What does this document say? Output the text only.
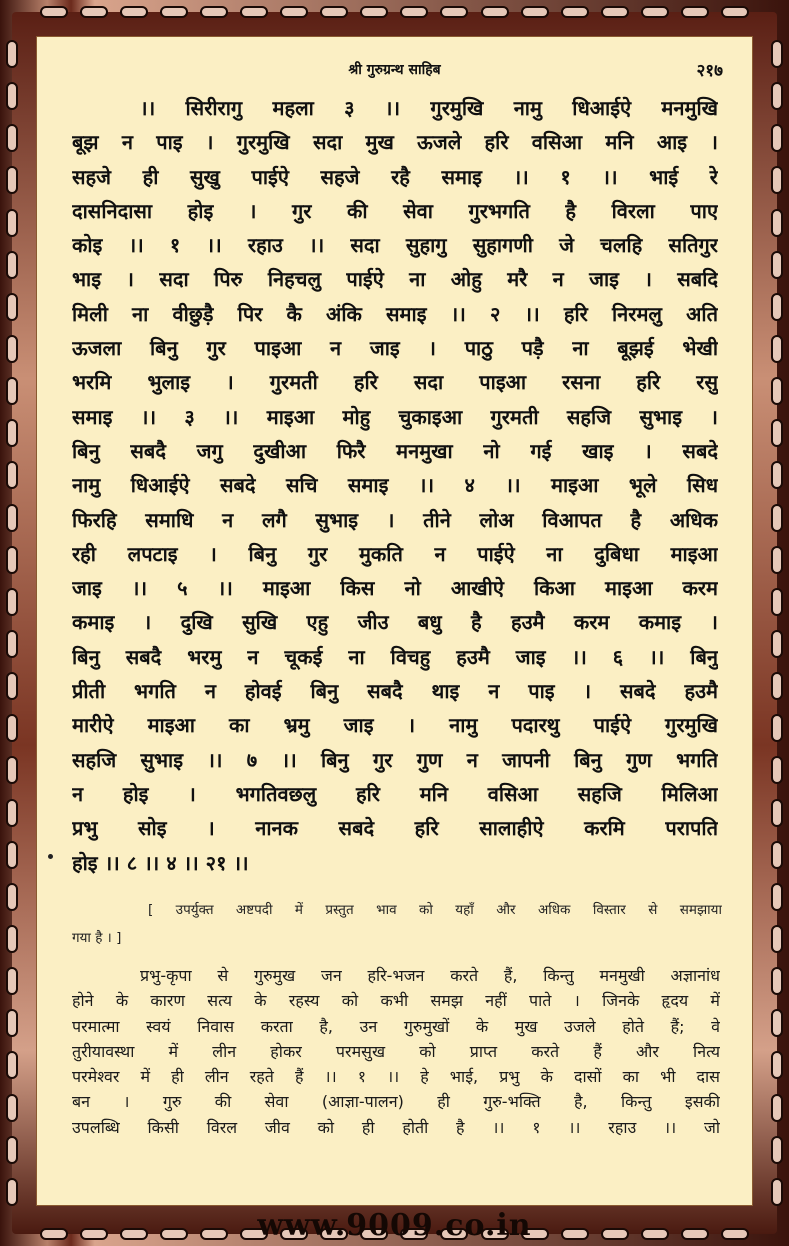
श्री गुरुग्रन्थ साहिब	२१७
।। सिरीरागु महला ३ ।। गुरमुखि नामु धिआईऐ मनमुखि
बूझ न पाइ । गुरमुखि सदा मुख ऊजले हरि वसिआ मनि आइ ।
सहजे ही सुखु पाईऐ सहजे रहै समाइ ।। १ ।। भाई रे
दासनिदासा होइ । गुर की सेवा गुरभगति है विरला पाए
कोइ ।। १ ।। रहाउ ।। सदा सुहागु सुहागणी जे चलहि सतिगुर
भाइ । सदा पिरु निहचलु पाईऐ ना ओहु मरै न जाइ । सबदि
मिली ना वीछुड़ै पिर कै अंकि समाइ ।। २ ।। हरि निरमलु अति
ऊजला बिनु गुर पाइआ न जाइ । पाठु पड़ै ना बूझई भेखी
भरमि भुलाइ । गुरमती हरि सदा पाइआ रसना हरि रसु
समाइ ।। ३ ।। माइआ मोहु चुकाइआ गुरमती सहजि सुभाइ ।
बिनु सबदै जगु दुखीआ फिरै मनमुखा नो गई खाइ । सबदे
नामु धिआईऐ सबदे सचि समाइ ।। ४ ।। माइआ भूले सिध
फिरहि समाधि न लगै सुभाइ । तीने लोअ विआपत है अधिक
रही लपटाइ । बिनु गुर मुकति न पाईऐ ना दुबिधा माइआ
जाइ ।। ५ ।। माइआ किस नो आखीऐ किआ माइआ करम
कमाइ । दुखि सुखि एहु जीउ बधु है हउमै करम कमाइ ।
बिनु सबदै भरमु न चूकई ना विचहु हउमै जाइ ।। ६ ।। बिनु
प्रीती भगति न होवई बिनु सबदै थाइ न पाइ । सबदे हउमै
मारीऐ माइआ का भ्रमु जाइ । नामु पदारथु पाईऐ गुरमुखि
सहजि सुभाइ ।। ७ ।। बिनु गुर गुण न जापनी बिनु गुण भगति
न होइ । भगतिवछलु हरि मनि वसिआ सहजि मिलिआ
प्रभु सोइ । नानक सबदे हरि सालाहीऐ करमि परापति
होइ ।। ८ ।। ४ ।। २१ ।।
[ उपर्युक्त अष्टपदी में प्रस्तुत भाव को यहाँ और अधिक विस्तार से समझाया
गया है । ]
प्रभु-कृपा से गुरुमुख जन हरि-भजन करते हैं, किन्तु मनमुखी अज्ञानांध
होने के कारण सत्य के रहस्य को कभी समझ नहीं पाते । जिनके हृदय में
परमात्मा स्वयं निवास करता है, उन गुरुमुखों के मुख उजले होते हैं; वे
तुरीयावस्था में लीन होकर परमसुख को प्राप्त करते हैं और नित्य
परमेश्वर में ही लीन रहते हैं ।। १ ।। हे भाई, प्रभु के दासों का भी दास
बन । गुरु की सेवा (आज्ञा-पालन) ही गुरु-भक्ति है, किन्तु इसकी
उपलब्धि किसी विरल जीव को ही होती है ।। १ ।। रहाउ ।। जो
www.9009.co.in
